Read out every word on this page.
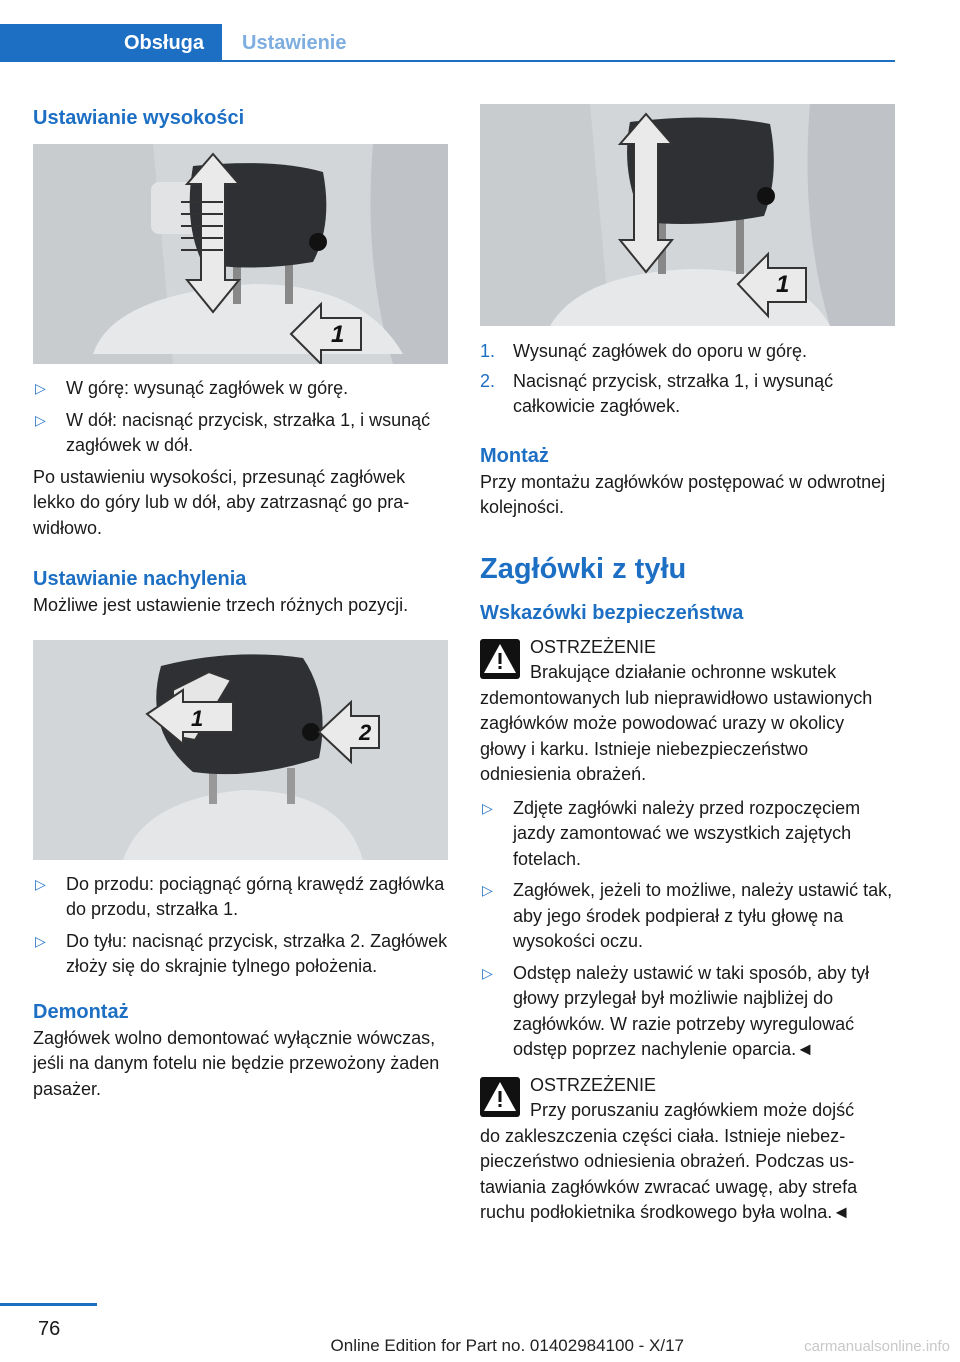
Obsługa	Ustawienie
Ustawianie wysokości
1
▷ W górę: wysunąć zagłówek w górę.
▷ W dół: nacisnąć przycisk, strzałka 1, i wsunąć zagłówek w dół.

Po ustawieniu wysokości, przesunąć zagłówek lekko do góry lub w dół, aby zatrzasnąć go prawidłowo.

Ustawianie nachylenia

Możliwe jest ustawienie trzech różnych pozycji.

1
2
▷ Do przodu: pociągnąć górną krawędź zagłówka do przodu, strzałka 1.
▷ Do tyłu: nacisnąć przycisk, strzałka 2. Zagłówek złoży się do skrajnie tylnego położenia.
Demontaż

Zagłówek wolno demontować wyłącznie wówczas, jeśli na danym fotelu nie będzie przewożony żaden pasażer.

1
1. Wysunąć zagłówek do oporu w górę.
2. Nacisnąć przycisk, strzałka 1, i wysunąć całkowicie zagłówek.
Montaż

Przy montażu zagłówków postępować w odwrotnej kolejności.

Zagłówki z tyłu
Wskazówki bezpieczeństwa
OSTRZEŻENIE
Brakujące działanie ochronne wskutek
zdemontowanych lub nieprawidłowo ustawionych zagłówków może powodować urazy w okolicy głowy i karku. Istnieje niebezpieczeństwo odniesienia obrażeń.
▷ Zdjęte zagłówki należy przed rozpoczęciem jazdy zamontować we wszystkich zajętych fotelach.
▷ Zagłówek, jeżeli to możliwe, należy ustawić tak, aby jego środek podpierał z tyłu głowę na wysokości oczu.
▷ Odstęp należy ustawić w taki sposób, aby tył głowy przylegał był możliwie najbliżej do zagłówków. W razie potrzeby wyregulować odstęp poprzez nachylenie oparcia.◄
OSTRZEŻENIE
Przy poruszaniu zagłówkiem może dojść
do zakleszczenia części ciała. Istnieje niebezpieczeństwo odniesienia obrażeń. Podczas ustawiania zagłówków zwracać uwagę, aby strefa ruchu podłokietnika środkowego była wolna.◄
76
Online Edition for Part no. 01402984100 - X/17	carmanualsonline.info
